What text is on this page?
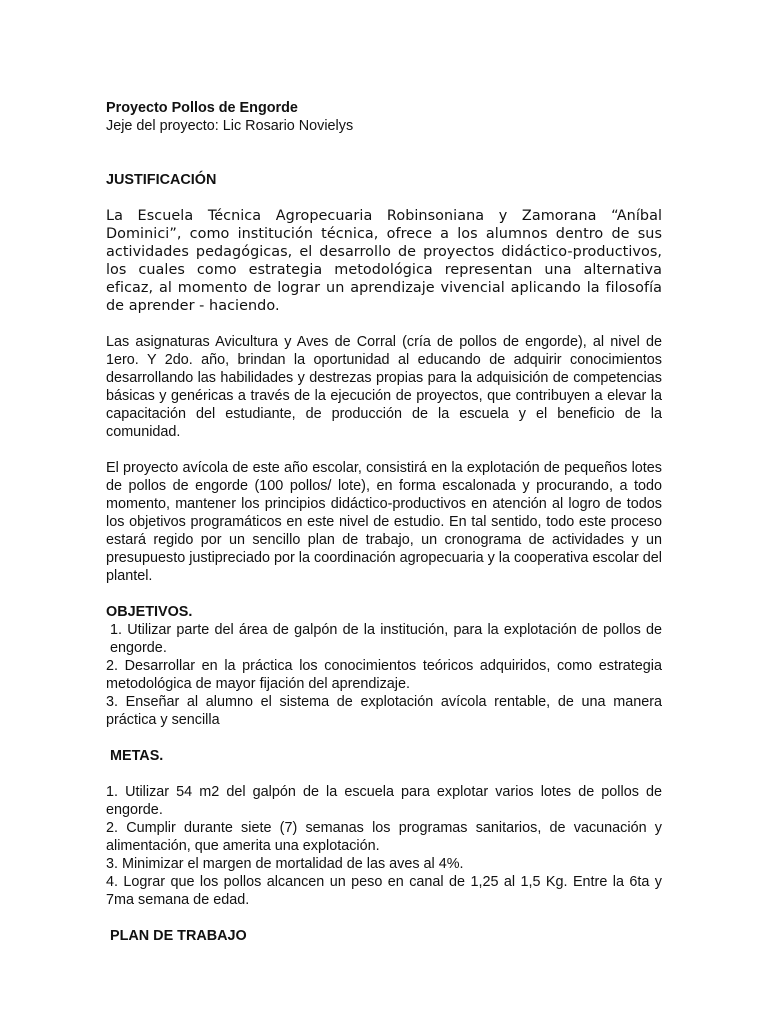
Proyecto Pollos de Engorde

Jeje del proyecto: Lic Rosario Novielys

JUSTIFICACIÓN

La Escuela Técnica Agropecuaria Robinsoniana y Zamorana “Aníbal Dominici”, como institución técnica, ofrece a los alumnos dentro de sus actividades pedagógicas, el desarrollo de proyectos didáctico-productivos, los cuales como estrategia metodológica representan una alternativa eficaz, al momento de lograr un aprendizaje vivencial aplicando la filosofía de aprender - haciendo.

Las asignaturas Avicultura y Aves de Corral (cría de pollos de engorde), al nivel de 1ero. Y 2do. año, brindan la oportunidad al educando de adquirir conocimientos desarrollando las habilidades y destrezas propias para la adquisición de competencias básicas y genéricas a través de la ejecución de proyectos, que contribuyen a elevar la capacitación del estudiante, de producción de la escuela y el beneficio de la comunidad.

El proyecto avícola de este año escolar, consistirá en la explotación de pequeños lotes de pollos de engorde (100 pollos/ lote), en forma escalonada y procurando, a todo momento, mantener los principios didáctico-productivos en atención al logro de todos los objetivos programáticos en este nivel de estudio. En tal sentido, todo este proceso estará regido por un sencillo plan de trabajo, un cronograma de actividades y un presupuesto justipreciado por la coordinación agropecuaria y la cooperativa escolar del plantel.

OBJETIVOS.

1. Utilizar parte del área de galpón de la institución, para la explotación de pollos de engorde.

2. Desarrollar en la práctica los conocimientos teóricos adquiridos, como estrategia metodológica de mayor fijación del aprendizaje.

3. Enseñar al alumno el sistema de explotación avícola rentable, de una manera práctica y sencilla

METAS.

1. Utilizar 54 m2 del galpón de la escuela para explotar varios lotes de pollos de engorde.

2. Cumplir durante siete (7) semanas los programas sanitarios, de vacunación y alimentación, que amerita una explotación.

3. Minimizar el margen de mortalidad de las aves al 4%.

4. Lograr que los pollos alcancen un peso en canal de 1,25 al 1,5 Kg. Entre la 6ta y 7ma semana de edad.

PLAN DE TRABAJO
